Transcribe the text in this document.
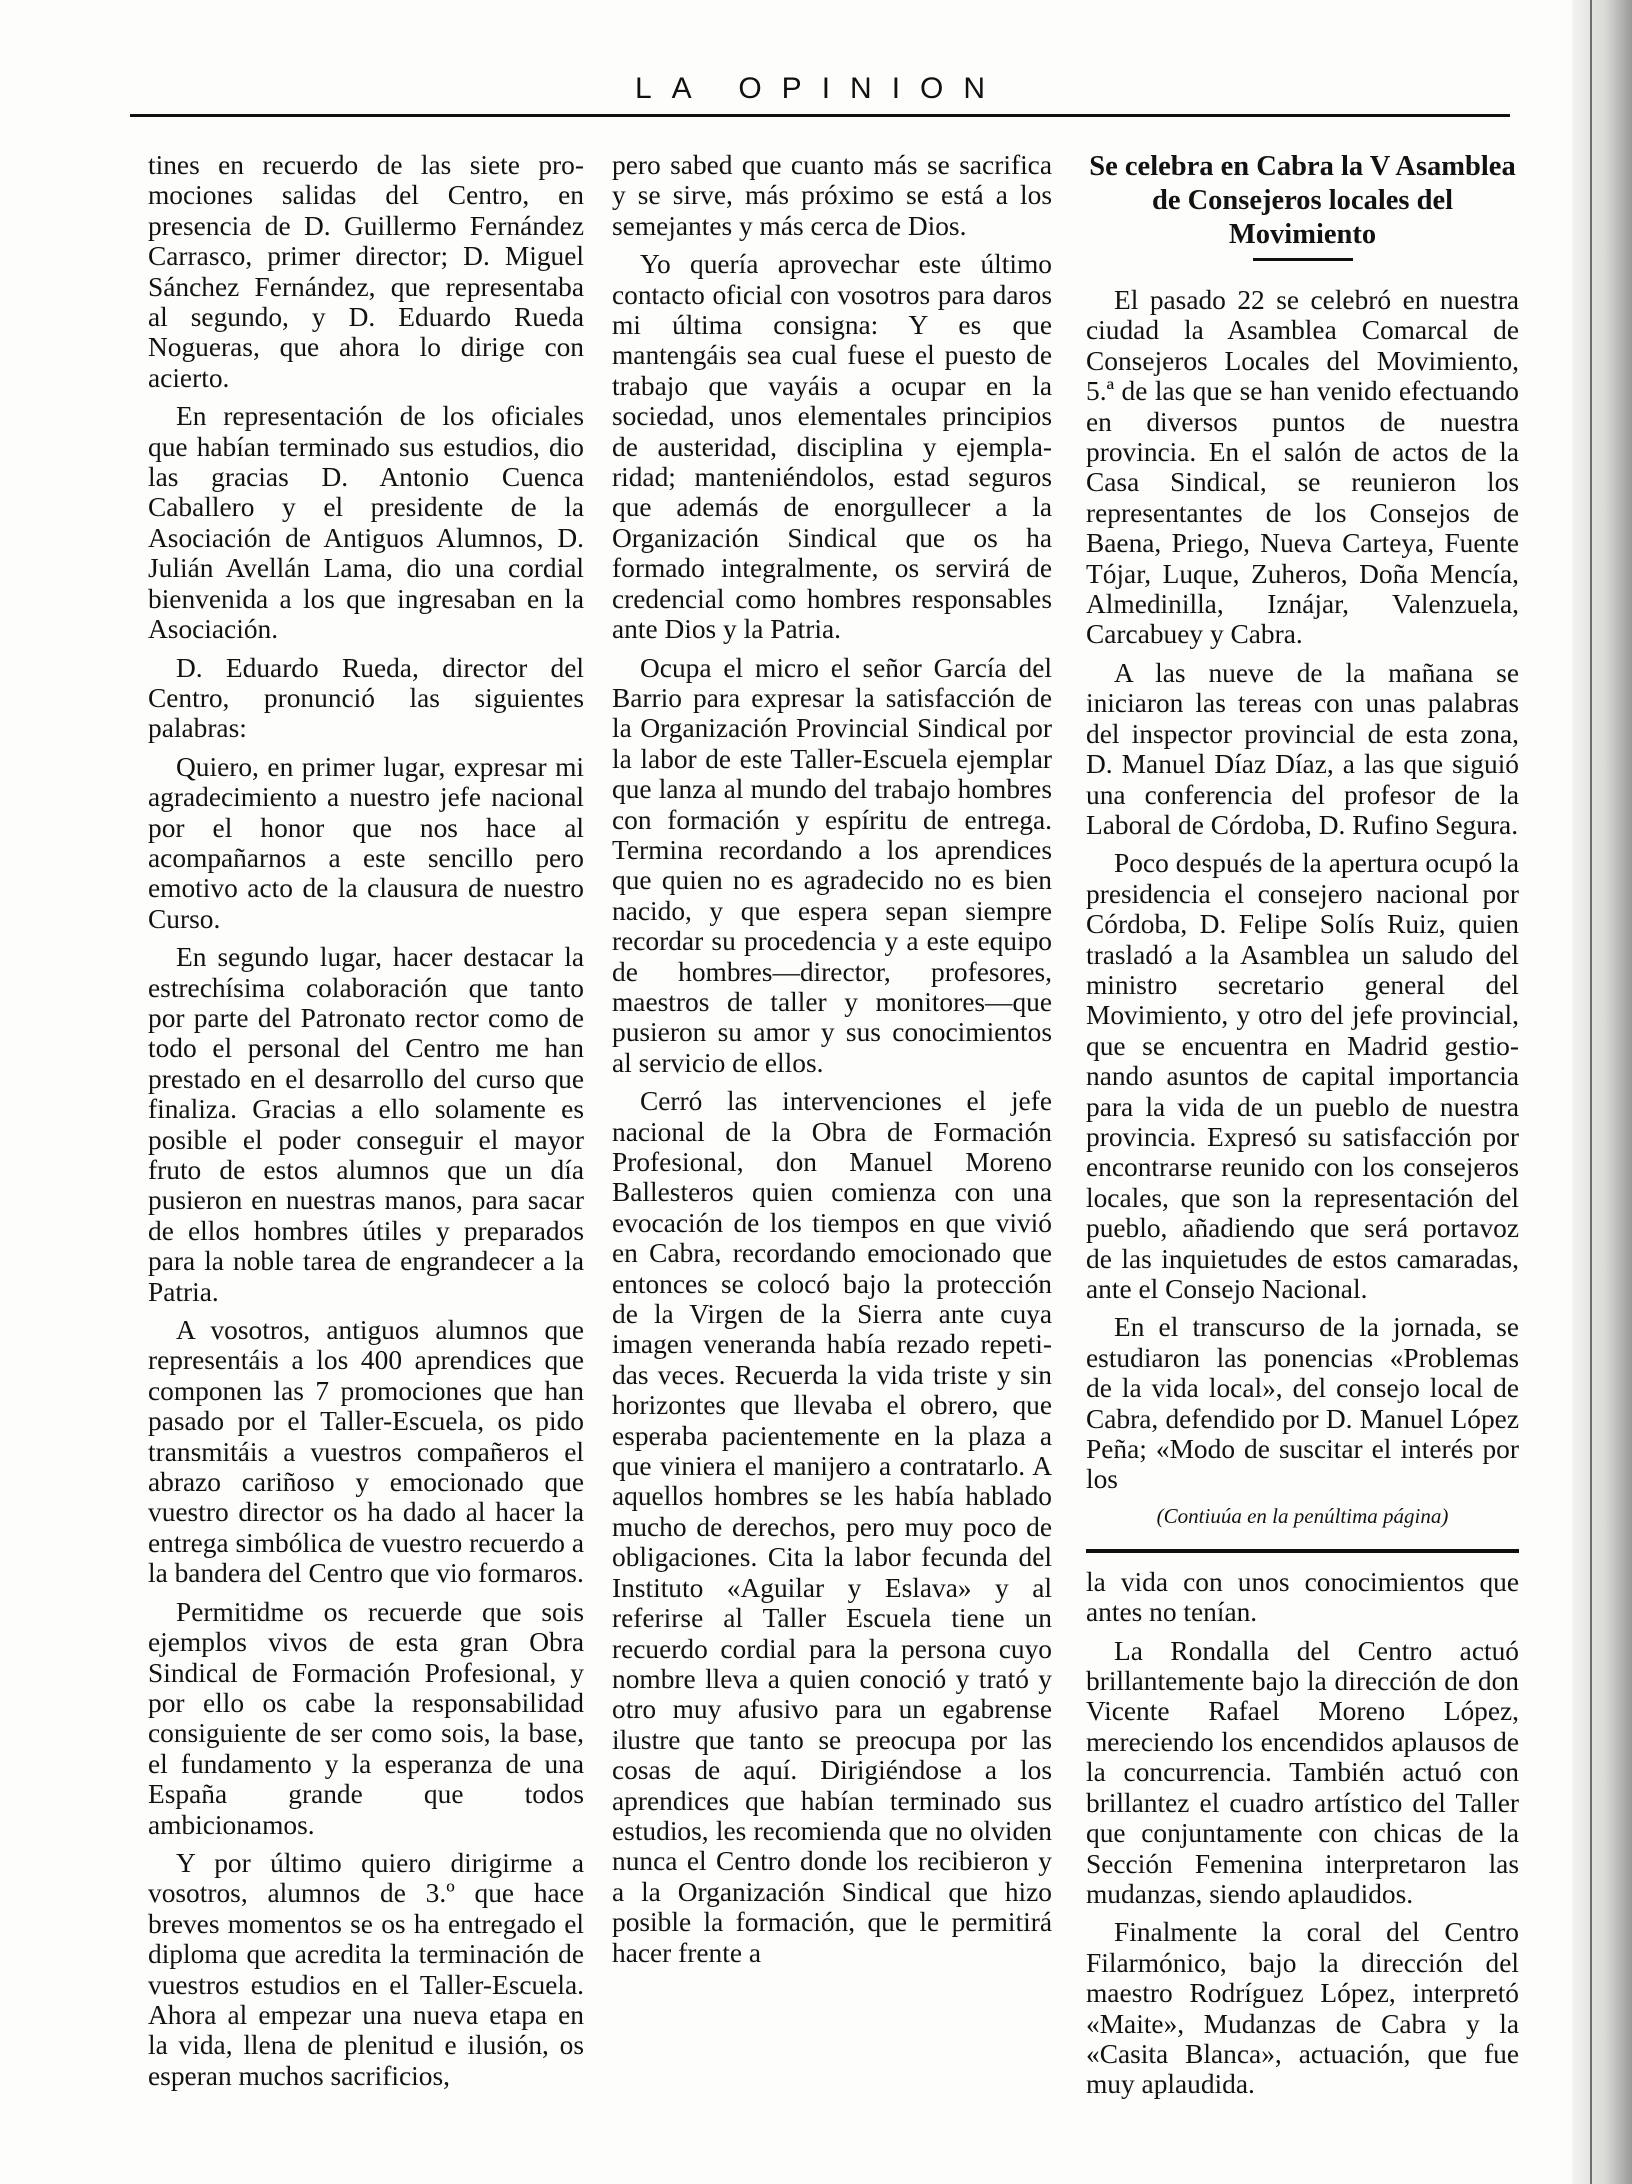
LA OPINION

tines en recuerdo de las siete promociones salidas del Centro, en presencia de D. Guillermo Fernández Carrasco, primer director; D. Miguel Sánchez Fernández, que representaba al segundo, y D. Eduardo Rueda Nogueras, que ahora lo dirige con acierto.

En representación de los oficiales que habían terminado sus estudios, dio las gracias D. Antonio Cuenca Caballero y el presidente de la Asociación de Antiguos Alumnos, D. Julián Avellán Lama, dio una cordial bienvenida a los que ingresaban en la Asociación.

D. Eduardo Rueda, director del Centro, pronunció las siguientes palabras:

Quiero, en primer lugar, expresar mi agradecimiento a nuestro jefe nacional por el honor que nos hace al acompañarnos a este sencillo pero emotivo acto de la clausura de nuestro Curso.

En segundo lugar, hacer destacar la estrechísima colaboración que tanto por parte del Patronato rector como de todo el personal del Centro me han prestado en el desarrollo del curso que finaliza. Gracias a ello solamente es posible el poder conseguir el mayor fruto de estos alumnos que un día pusieron en nuestras manos, para sacar de ellos hombres útiles y preparados para la noble tarea de engrandecer a la Patria.

A vosotros, antiguos alumnos que representáis a los 400 aprendices que componen las 7 promociones que han pasado por el Taller-Escuela, os pido transmitáis a vuestros compañeros el abrazo cariñoso y emocionado que vuestro director os ha dado al hacer la entrega simbólica de vuestro recuerdo a la bandera del Centro que vio formaros.

Permitidme os recuerde que sois ejemplos vivos de esta gran Obra Sindical de Formación Profesional, y por ello os cabe la responsabilidad consiguiente de ser como sois, la base, el fundamento y la esperanza de una España grande que todos ambicionamos.

Y por último quiero dirigirme a vosotros, alumnos de 3.º que hace breves momentos se os ha entregado el diploma que acredita la terminación de vuestros estudios en el Taller-Escuela. Ahora al empezar una nueva etapa en la vida, llena de plenitud e ilusión, os esperan muchos sacrificios,

pero sabed que cuanto más se sacrifica y se sirve, más próximo se está a los semejantes y más cerca de Dios.

Yo quería aprovechar este último contacto oficial con vosotros para daros mi última consigna: Y es que mantengáis sea cual fuese el puesto de trabajo que vayáis a ocupar en la sociedad, unos elementales principios de austeridad, disciplina y ejemplaridad; manteniéndolos, estad seguros que además de enorgullecer a la Organización Sindical que os ha formado integralmente, os servirá de credencial como hombres responsables ante Dios y la Patria.

Ocupa el micro el señor García del Barrio para expresar la satisfacción de la Organización Provincial Sindical por la labor de este Taller-Escuela ejemplar que lanza al mundo del trabajo hombres con formación y espíritu de entrega. Termina recordando a los aprendices que quien no es agradecido no es bien nacido, y que espera sepan siempre recordar su procedencia y a este equipo de hombres—director, profesores, maestros de taller y monitores—que pusieron su amor y sus conocimientos al servicio de ellos.

Cerró las intervenciones el jefe nacional de la Obra de Formación Profesional, don Manuel Moreno Ballesteros quien comienza con una evocación de los tiempos en que vivió en Cabra, recordando emocionado que entonces se colocó bajo la protección de la Virgen de la Sierra ante cuya imagen veneranda había rezado repetidas veces. Recuerda la vida triste y sin horizontes que llevaba el obrero, que esperaba pacientemente en la plaza a que viniera el manijero a contratarlo. A aquellos hombres se les había hablado mucho de derechos, pero muy poco de obligaciones. Cita la labor fecunda del Instituto «Aguilar y Eslava» y al referirse al Taller Escuela tiene un recuerdo cordial para la persona cuyo nombre lleva a quien conoció y trató y otro muy afusivo para un egabrense ilustre que tanto se preocupa por las cosas de aquí. Dirigiéndose a los aprendices que habían terminado sus estudios, les recomienda que no olviden nunca el Centro donde los recibieron y a la Organización Sindical que hizo posible la formación, que le permitirá hacer frente a

Se celebra en Cabra la V Asamblea de Consejeros locales del Movimiento

El pasado 22 se celebró en nuestra ciudad la Asamblea Comarcal de Consejeros Locales del Movimiento, 5.ª de las que se han venido efectuando en diversos puntos de nuestra provincia. En el salón de actos de la Casa Sindical, se reunieron los representantes de los Consejos de Baena, Priego, Nueva Carteya, Fuente Tójar, Luque, Zuheros, Doña Mencía, Almedinilla, Iznájar, Valenzuela, Carcabuey y Cabra.

A las nueve de la mañana se iniciaron las tereas con unas palabras del inspector provincial de esta zona, D. Manuel Díaz Díaz, a las que siguió una conferencia del profesor de la Laboral de Córdoba, D. Rufino Segura.

Poco después de la apertura ocupó la presidencia el consejero nacional por Córdoba, D. Felipe Solís Ruiz, quien trasladó a la Asamblea un saludo del ministro secretario general del Movimiento, y otro del jefe provincial, que se encuentra en Madrid gestionando asuntos de capital importancia para la vida de un pueblo de nuestra provincia. Expresó su satisfacción por encontrarse reunido con los consejeros locales, que son la representación del pueblo, añadiendo que será portavoz de las inquietudes de estos camaradas, ante el Consejo Nacional.

En el transcurso de la jornada, se estudiaron las ponencias «Problemas de la vida local», del consejo local de Cabra, defendido por D. Manuel López Peña; «Modo de suscitar el interés por los

(Contiuúa en la penúltima página)

la vida con unos conocimientos que antes no tenían.

La Rondalla del Centro actuó brillantemente bajo la dirección de don Vicente Rafael Moreno López, mereciendo los encendidos aplausos de la concurrencia. También actuó con brillantez el cuadro artístico del Taller que conjuntamente con chicas de la Sección Femenina interpretaron las mudanzas, siendo aplaudidos.

Finalmente la coral del Centro Filarmónico, bajo la dirección del maestro Rodríguez López, interpretó «Maite», Mudanzas de Cabra y la «Casita Blanca», actuación, que fue muy aplaudida.
